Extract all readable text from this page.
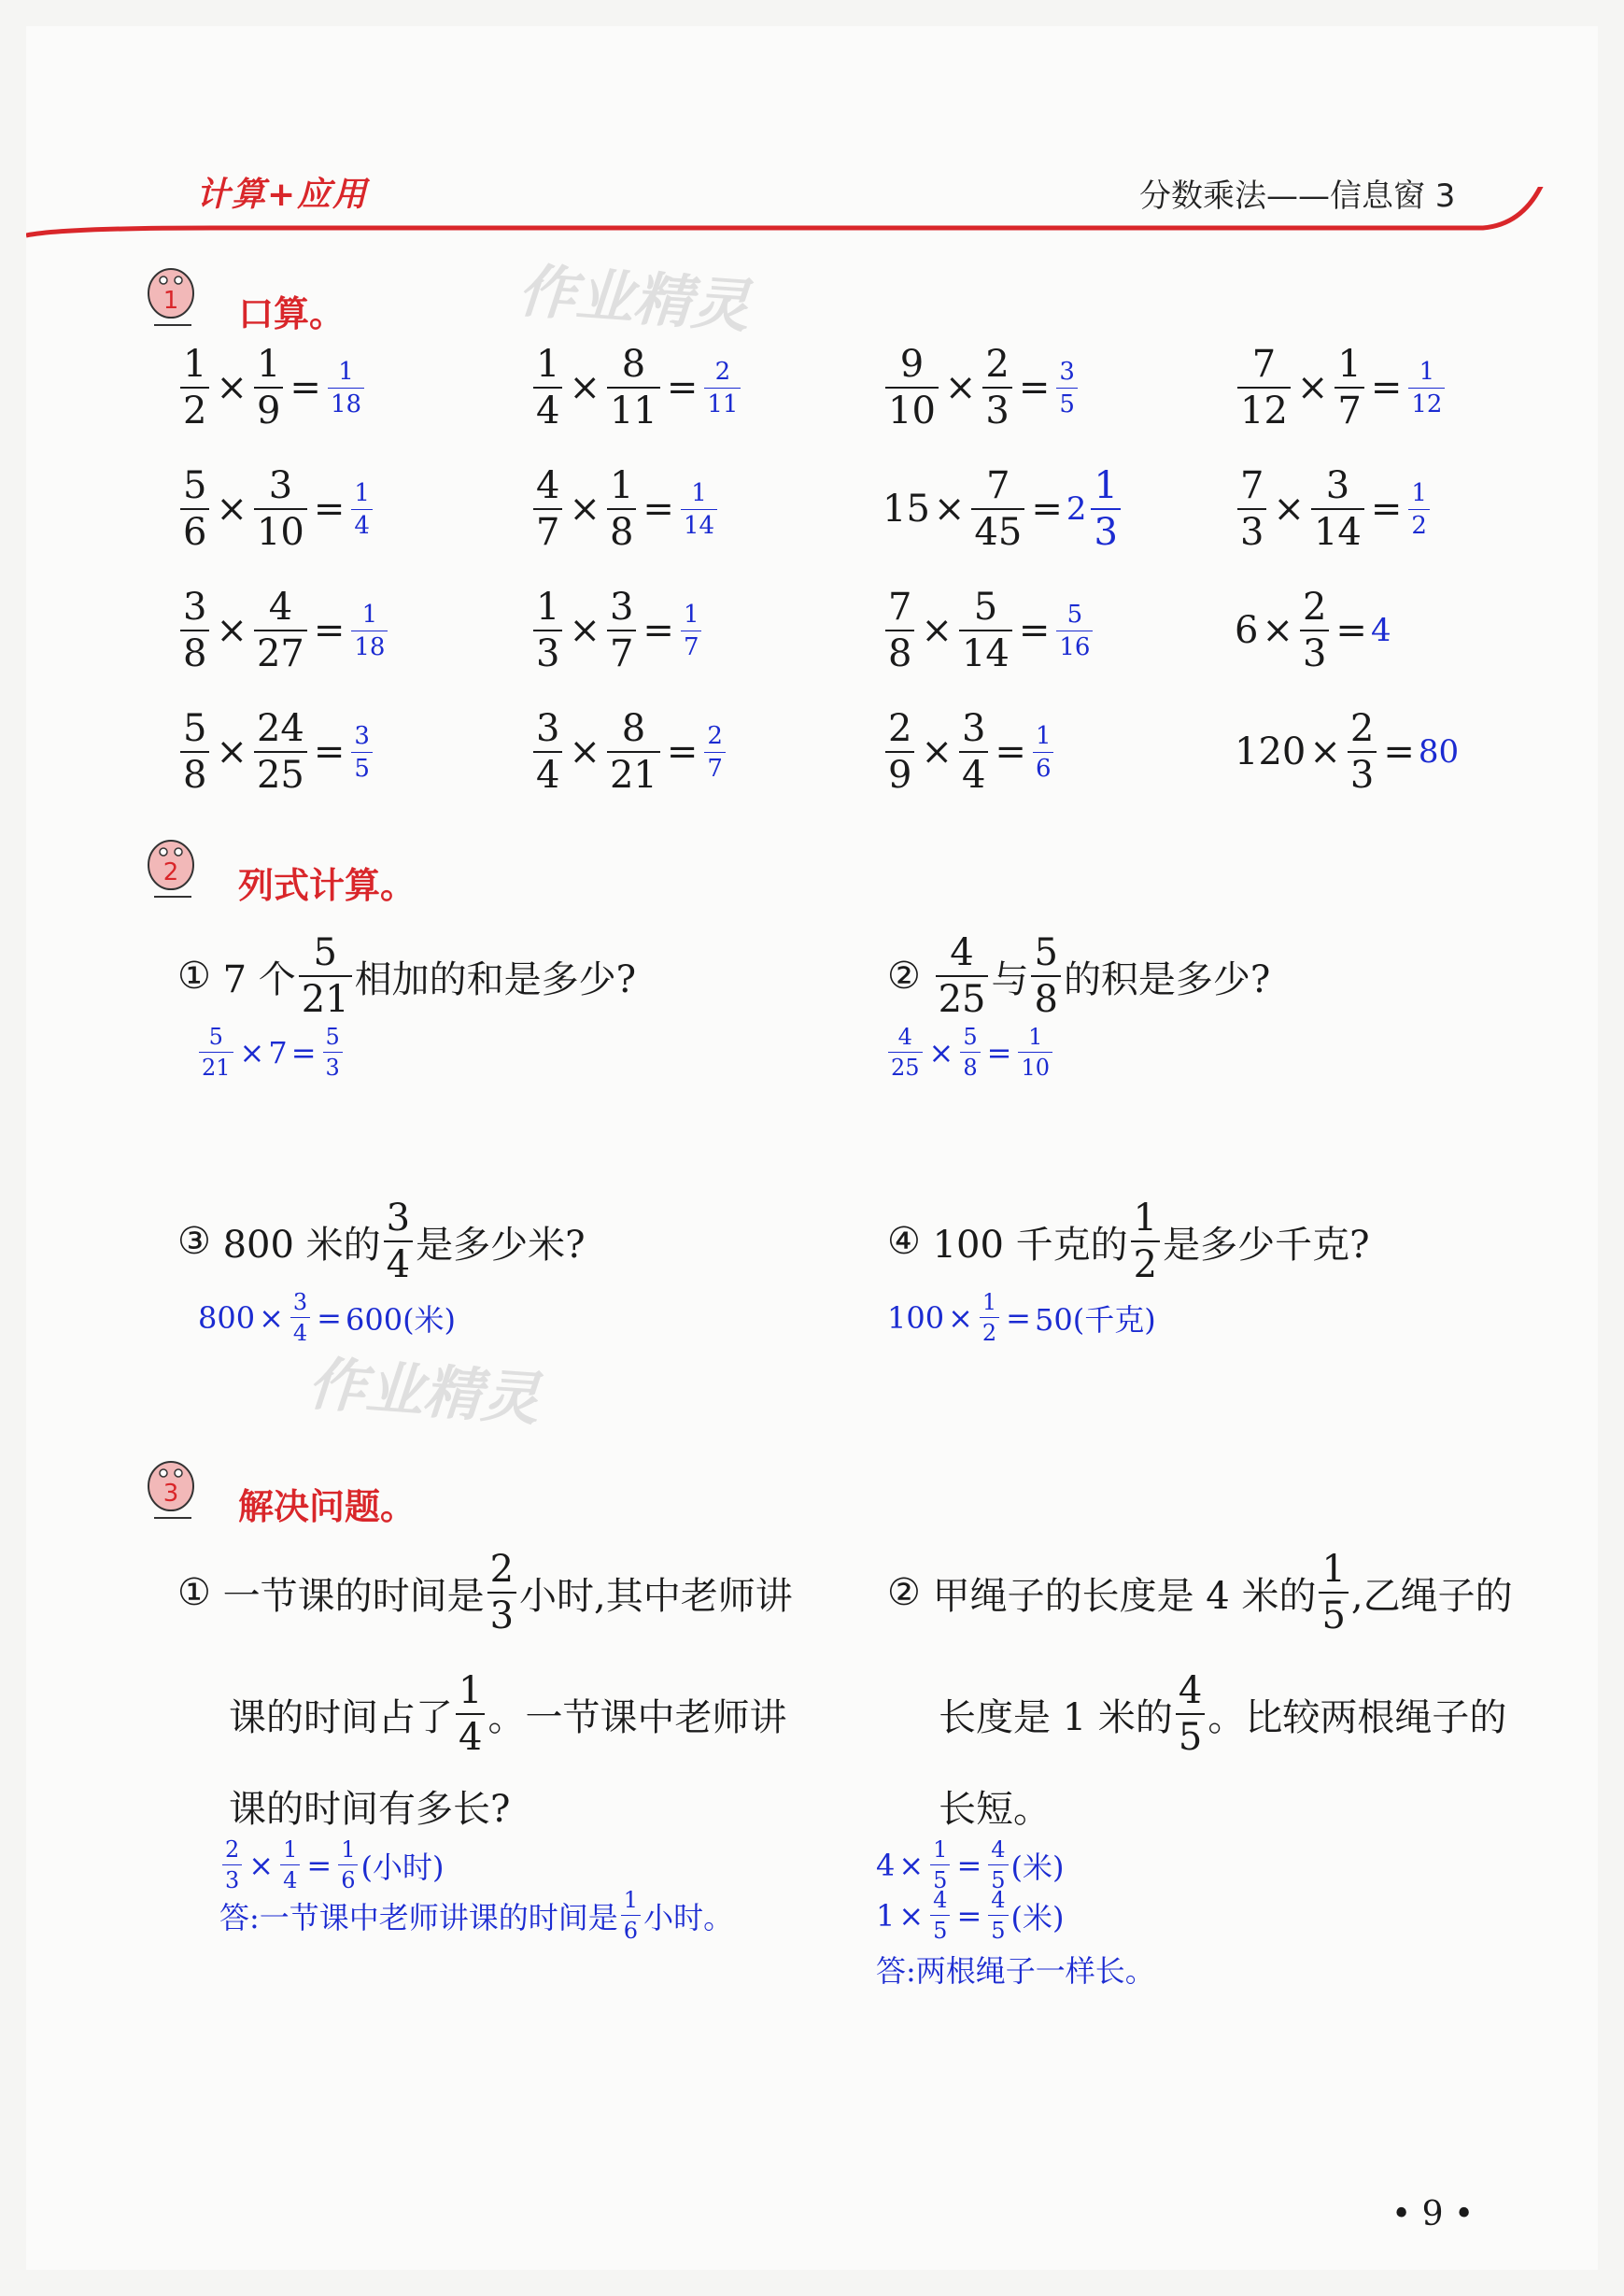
计算+应用	分数乘法——信息窗 3
作业精灵
作业精灵
1 口算。
2 列式计算。
3 解决问题。
$\frac{1}{2} \times \frac{1}{9} = \frac{1}{18}$	$\frac{1}{4} \times \frac{8}{11} = \frac{2}{11}$	$\frac{9}{10} \times \frac{2}{3} = \frac{3}{5}$	$\frac{7}{12} \times \frac{1}{7} = \frac{1}{12}$
$\frac{5}{6} \times \frac{3}{10} = \frac{1}{4}$	$\frac{4}{7} \times \frac{1}{8} = \frac{1}{14}$	$15 \times \frac{7}{45} = 2 \frac{1}{3}$	$\frac{7}{3} \times \frac{3}{14} = \frac{1}{2}$
$\frac{3}{8} \times \frac{4}{27} = \frac{1}{18}$	$\frac{1}{3} \times \frac{3}{7} = \frac{1}{7}$	$\frac{7}{8} \times \frac{5}{14} = \frac{5}{16}$	$6 \times \frac{2}{3} = 4$
$\frac{5}{8} \times \frac{24}{25} = \frac{3}{5}$	$\frac{3}{4} \times \frac{8}{21} = \frac{2}{7}$	$\frac{2}{9} \times \frac{3}{4} = \frac{1}{6}$	$120 \times \frac{2}{3} = 80$
①
7 个 $\frac{5}{21}$ 相加的和是多少?
$\frac{5}{21} \times 7 = \frac{5}{3}$
②
$\frac{4}{25}$ 与 $\frac{5}{8}$ 的积是多少?
$\frac{4}{25} \times \frac{5}{8} = \frac{1}{10}$
③
800 米的 $\frac{3}{4}$ 是多少米?
$800 \times \frac{3}{4} = 600$(米)
④
100 千克的 $\frac{1}{2}$ 是多少千克?
$100 \times \frac{1}{2} = 50$(千克)
①
一节课的时间是 $\frac{2}{3}$ 小时,其中老师讲
课的时间占了 $\frac{1}{4}$ 。一节课中老师讲
课的时间有多长?
$\frac{2}{3} \times \frac{1}{4} = \frac{1}{6}$ (小时)
答:一节课中老师讲课的时间是 $\frac{1}{6}$ 小时。
②
甲绳子的长度是 4 米的 $\frac{1}{5}$ ,乙绳子的
长度是 1 米的 $\frac{4}{5}$ 。比较两根绳子的
长短。
$4 \times \frac{1}{5} = \frac{4}{5}$ (米)
$1 \times \frac{4}{5} = \frac{4}{5}$ (米)
答:两根绳子一样长。
• 9 •
